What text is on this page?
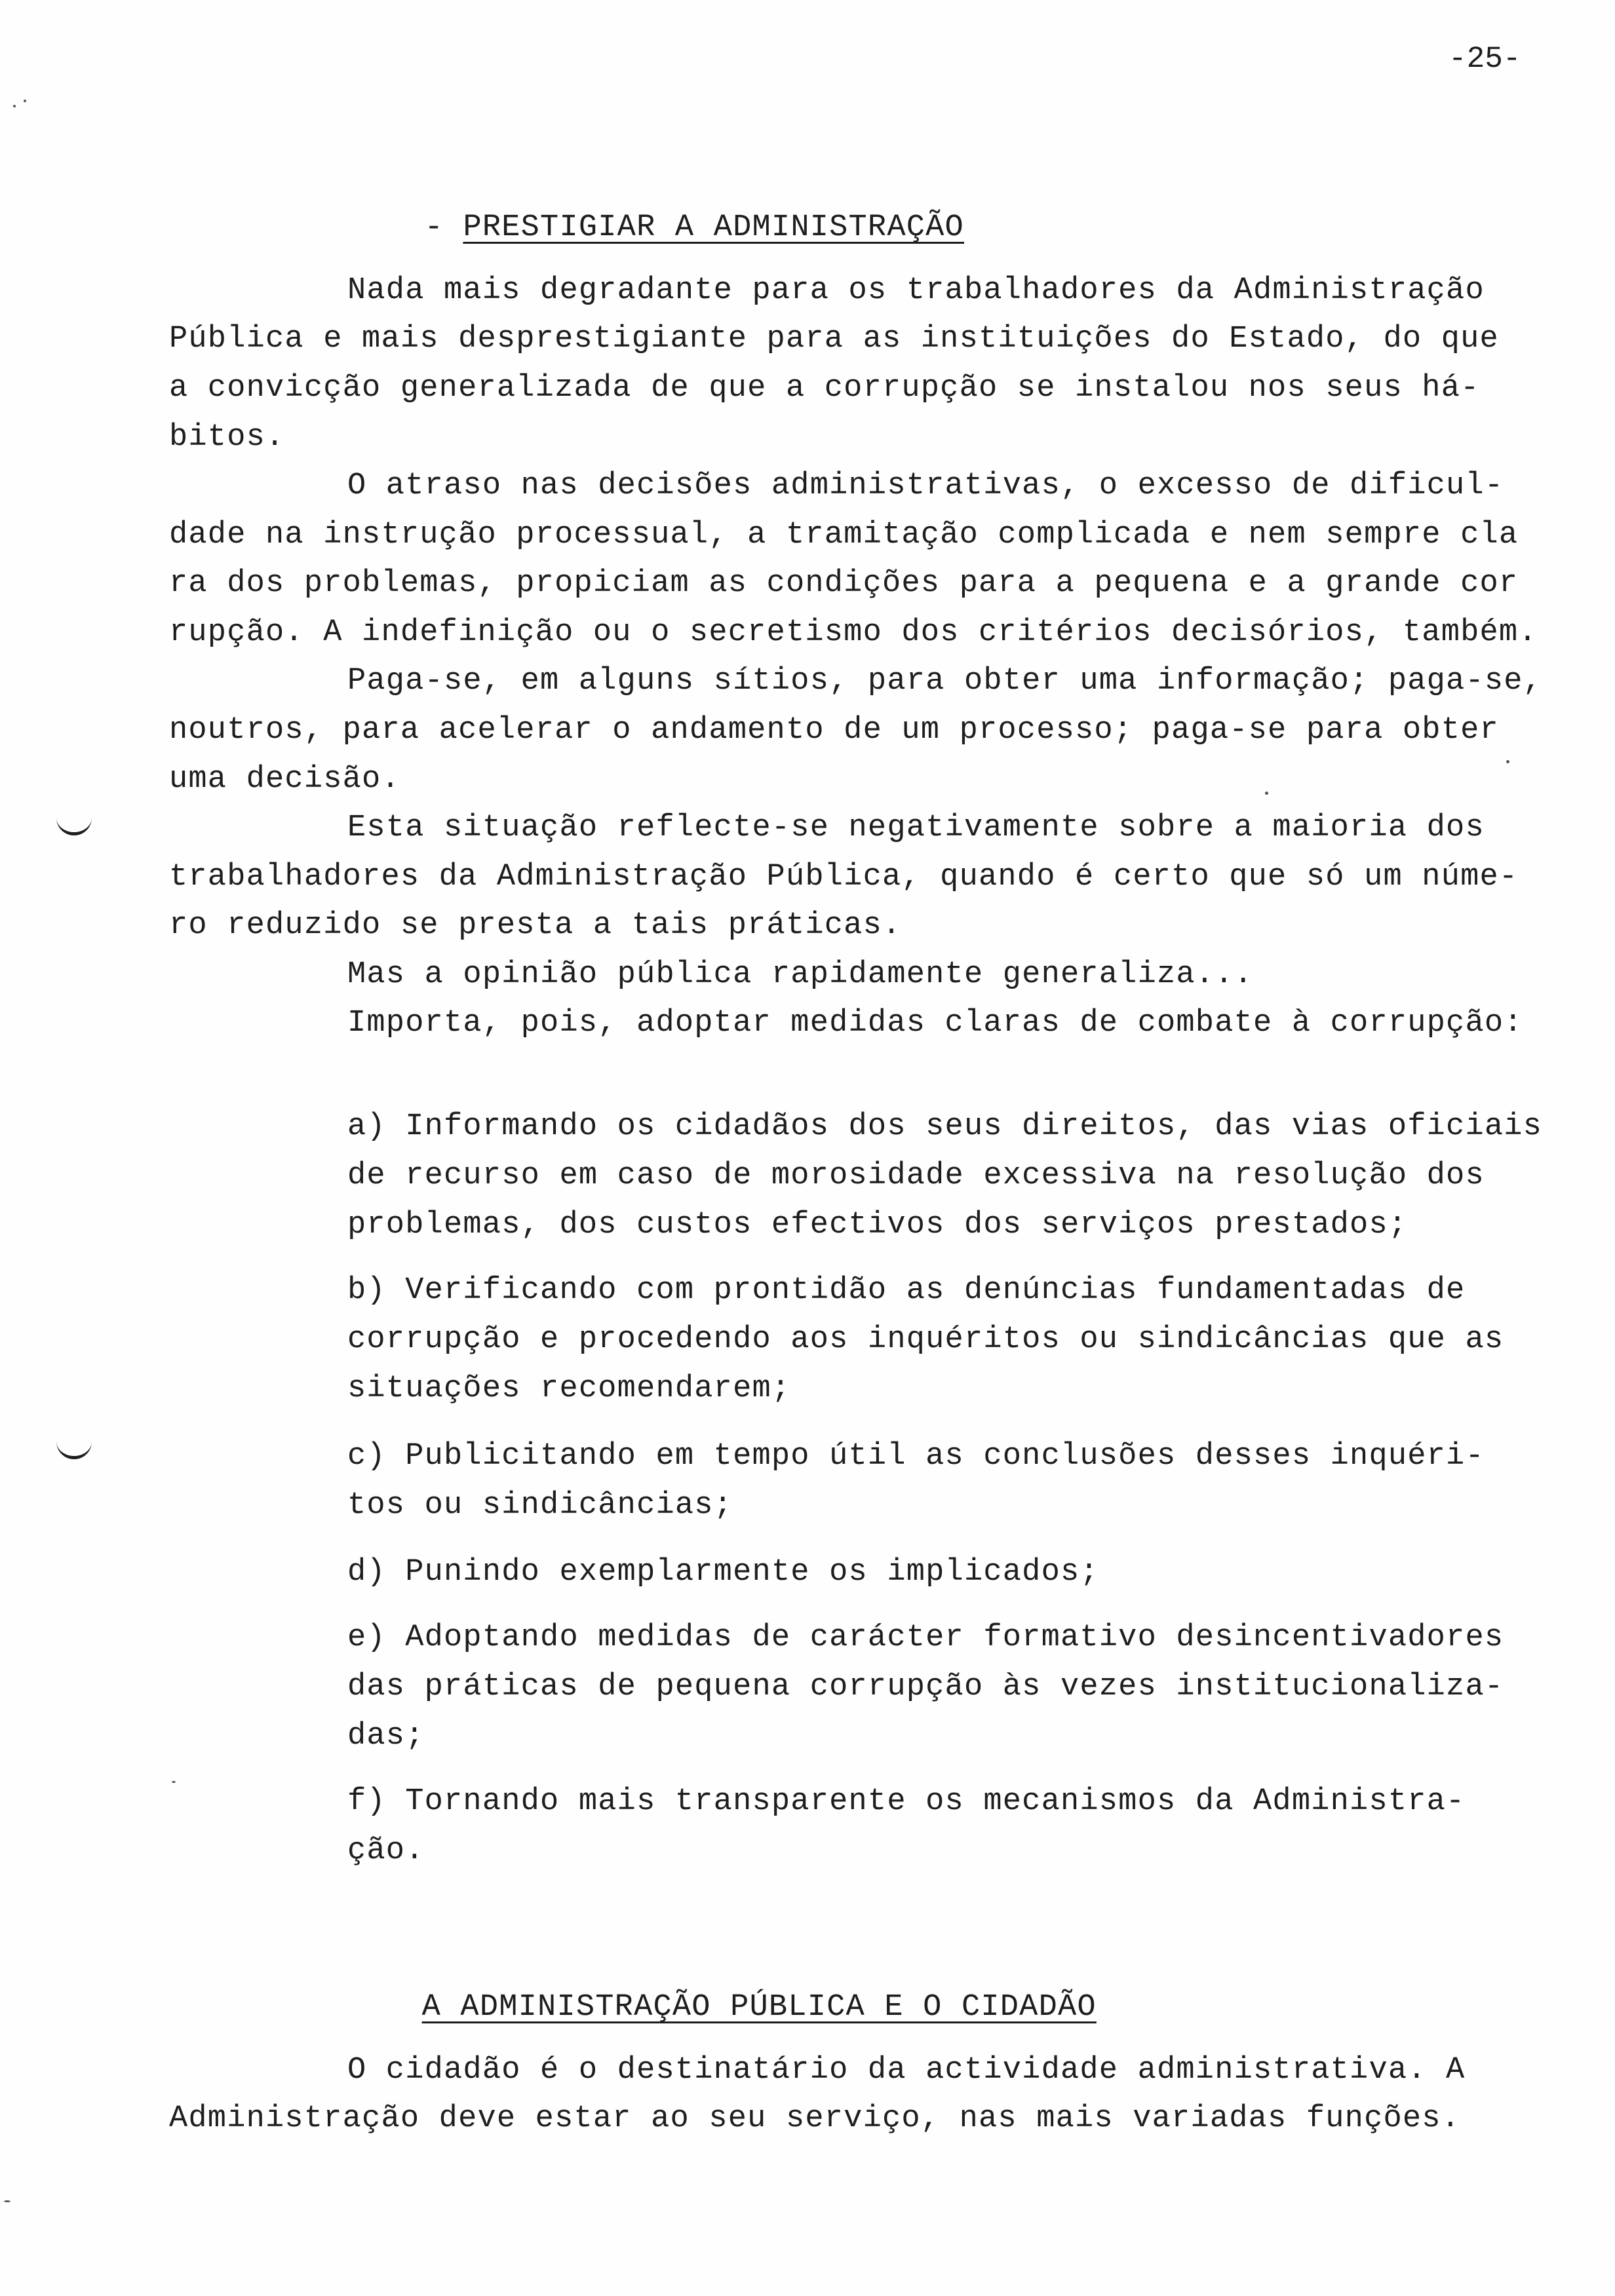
-25-

- PRESTIGIAR A ADMINISTRAÇÃO

Nada mais degradante para os trabalhadores da Administração
Pública e mais desprestigiante para as instituições do Estado, do que
a convicção generalizada de que a corrupção se instalou nos seus há-
bitos.
O atraso nas decisões administrativas, o excesso de dificul-
dade na instrução processual, a tramitação complicada e nem sempre cla
ra dos problemas, propiciam as condições para a pequena e a grande cor
rupção. A indefinição ou o secretismo dos critérios decisórios, também.
Paga-se, em alguns sítios, para obter uma informação; paga-se,
noutros, para acelerar o andamento de um processo; paga-se para obter
uma decisão.
Esta situação reflecte-se negativamente sobre a maioria dos
trabalhadores da Administração Pública, quando é certo que só um núme-
ro reduzido se presta a tais práticas.
Mas a opinião pública rapidamente generaliza...
Importa, pois, adoptar medidas claras de combate à corrupção:
a) Informando os cidadãos dos seus direitos, das vias oficiais
de recurso em caso de morosidade excessiva na resolução dos
problemas, dos custos efectivos dos serviços prestados;
b) Verificando com prontidão as denúncias fundamentadas de
corrupção e procedendo aos inquéritos ou sindicâncias que as
situações recomendarem;
c) Publicitando em tempo útil as conclusões desses inquéri-
tos ou sindicâncias;
d) Punindo exemplarmente os implicados;
e) Adoptando medidas de carácter formativo desincentivadores
das práticas de pequena corrupção às vezes institucionaliza-
das;
f) Tornando mais transparente os mecanismos da Administra-
ção.

A ADMINISTRAÇÃO PÚBLICA E O CIDADÃO

O cidadão é o destinatário da actividade administrativa. A
Administração deve estar ao seu serviço, nas mais variadas funções.
